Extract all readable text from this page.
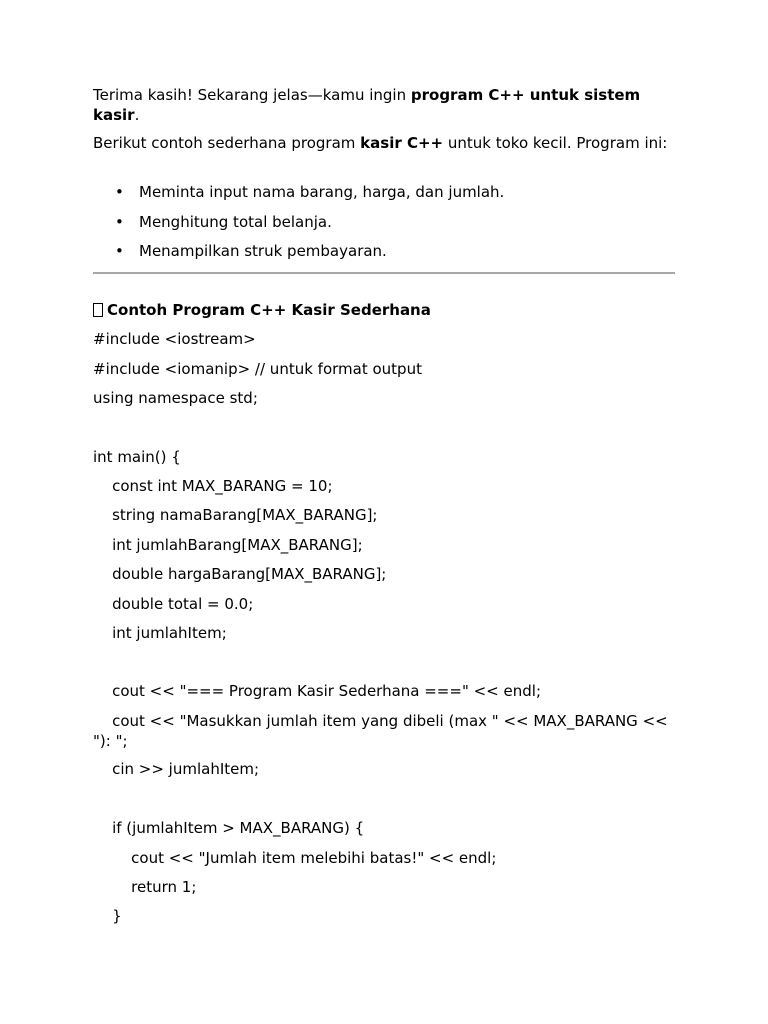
Terima kasih! Sekarang jelas—kamu ingin program C++ untuk sistem kasir.

Berikut contoh sederhana program kasir C++ untuk toko kecil. Program ini:

• Meminta input nama barang, harga, dan jumlah.
• Menghitung total belanja.
• Menampilkan struk pembayaran.
Contoh Program C++ Kasir Sederhana

#include <iostream>

#include <iomanip> // untuk format output

using namespace std;

int main() {

const int MAX_BARANG = 10;

string namaBarang[MAX_BARANG];

int jumlahBarang[MAX_BARANG];

double hargaBarang[MAX_BARANG];

double total = 0.0;

int jumlahItem;

cout << "=== Program Kasir Sederhana ===" << endl;

cout << "Masukkan jumlah item yang dibeli (max " << MAX_BARANG << "): ";

cin >> jumlahItem;

if (jumlahItem > MAX_BARANG) {

cout << "Jumlah item melebihi batas!" << endl;

return 1;

}
